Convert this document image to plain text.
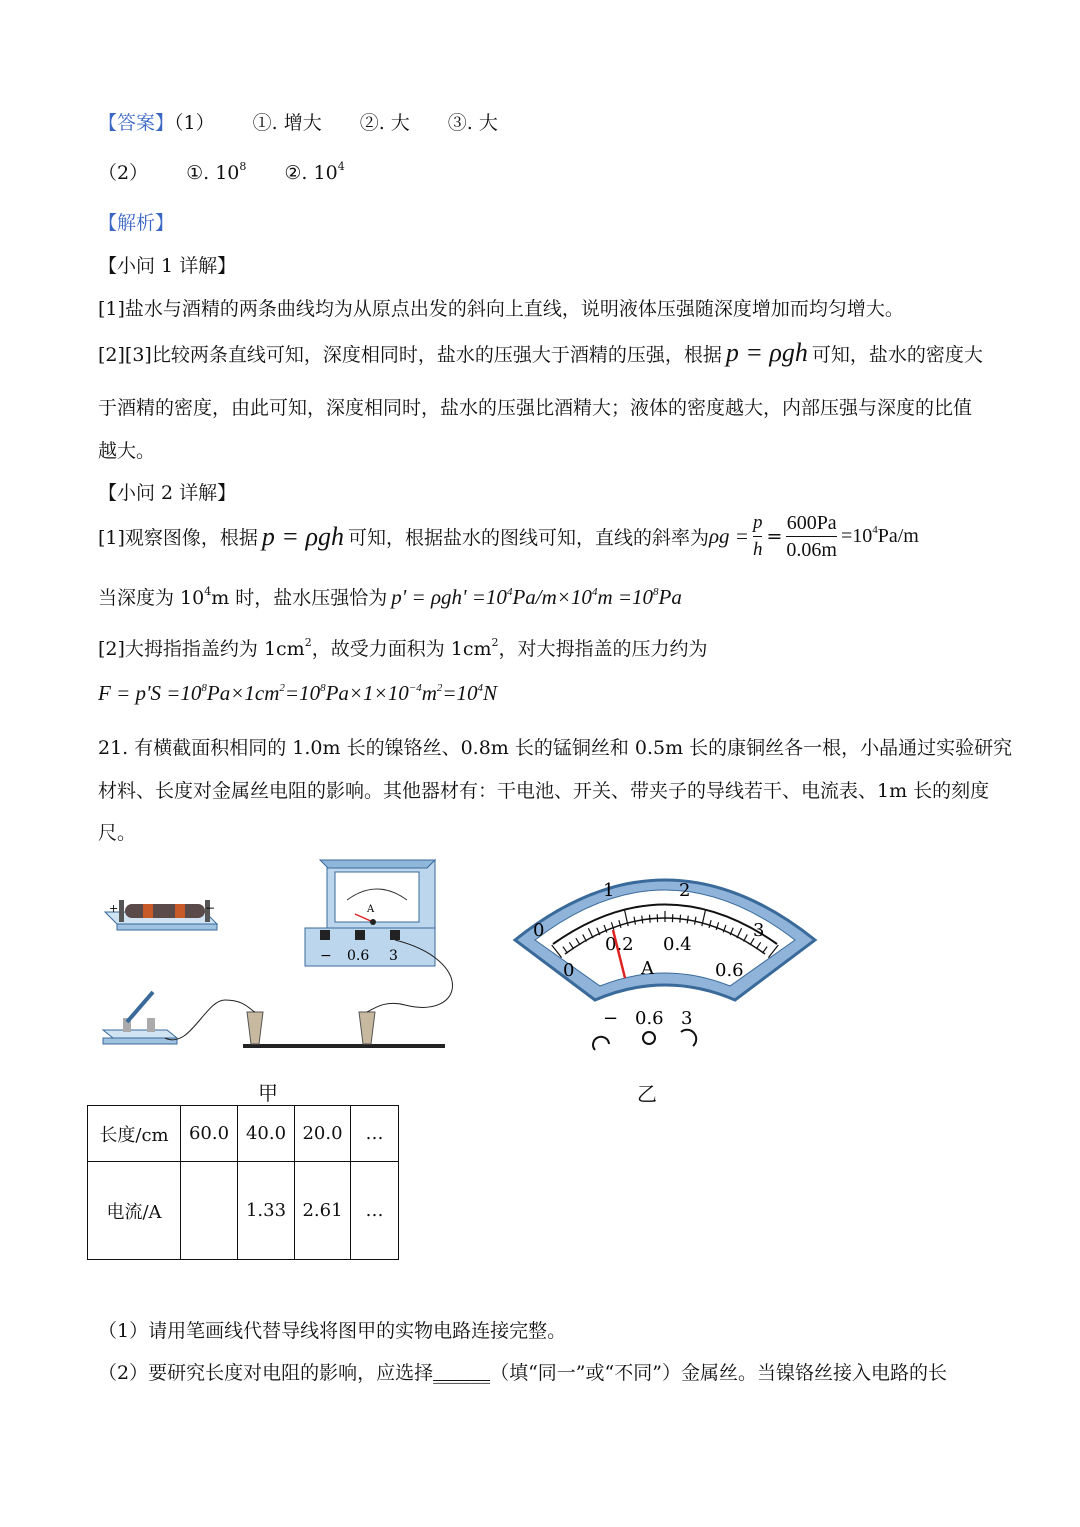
【答案】（1） ①. 增大 ②. 大 ③. 大
（2） ①. $10^8$ ②. $10^4$
【解析】
【小问 1 详解】
[1]盐水与酒精的两条曲线均为从原点出发的斜向上直线，说明液体压强随深度增加而均匀增大。
[2][3]比较两条直线可知，深度相同时，盐水的压强大于酒精的压强，根据 p = ρgh 可知，盐水的密度大
于酒精的密度，由此可知，深度相同时，盐水的压强比酒精大；液体的密度越大，内部压强与深度的比值
越大。
【小问 2 详解】
[1]观察图像，根据 p = ρgh 可知，根据盐水的图线可知，直线的斜率为$\rho g = \frac{p}{h} = \frac{600Pa}{0.06m} =10^4Pa/m$
当深度为 $10^4m$ 时，盐水压强恰为 $p' = \rho gh' =10^4Pa/m\times 10^4m =10^8Pa$
[2]大拇指指盖约为 $1cm^2$，故受力面积为 $1cm^2$，对大拇指盖的压力约为
$F = p'S =10^8Pa\times 1cm^2=10^8Pa\times 1\times 10^{-4}m^2=10^4N$
21. 有横截面积相同的 1.0m 长的镍铬丝、0.8m 长的锰铜丝和 0.5m 长的康铜丝各一根，小晶通过实验研究
材料、长度对金属丝电阻的影响。其他器材有：干电池、开关、带夹子的导线若干、电流表、1m 长的刻度
尺。
+	−	A
− 0.6 3
甲
0
1	2
3
0
0.2 0.4
0.6
A
− 0.6 3
乙
长度/cm	60.0	40.0	20.0	…
电流/A		1.33	2.61	…
（1）请用笔画线代替导线将图甲的实物电路连接完整。
（2）要研究长度对电阻的影响，应选择______（填“同一”或“不同”）金属丝。当镍铬丝接入电路的长
